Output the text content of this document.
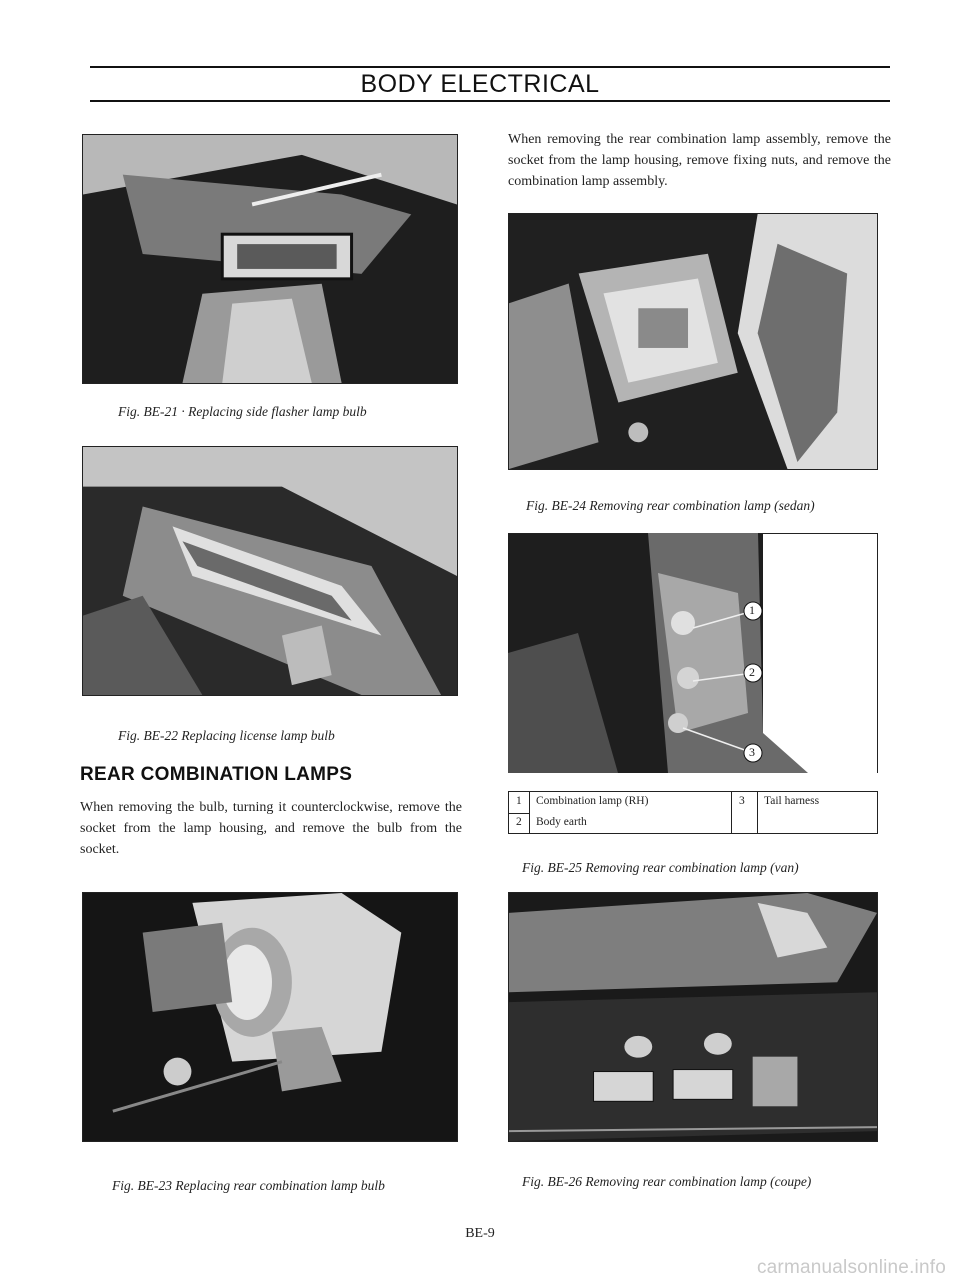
BODY ELECTRICAL
Fig. BE-21 · Replacing side flasher lamp bulb
Fig. BE-22 Replacing license lamp bulb
REAR COMBINATION LAMPS
When removing the bulb, turning it counterclockwise, remove the socket from the lamp housing, and remove the bulb from the socket.
Fig. BE-23 Replacing rear combination lamp bulb
When removing the rear combination lamp assembly, remove the socket from the lamp housing, remove fixing nuts, and remove the combination lamp assembly.
Fig. BE-24 Removing rear combination lamp (sedan)
1
2
3
1 Combination lamp (RH)
2 Body earth
3 Tail harness
Fig. BE-25 Removing rear combination lamp (van)
Fig. BE-26 Removing rear combination lamp (coupe)
BE-9
carmanualsonline.info
